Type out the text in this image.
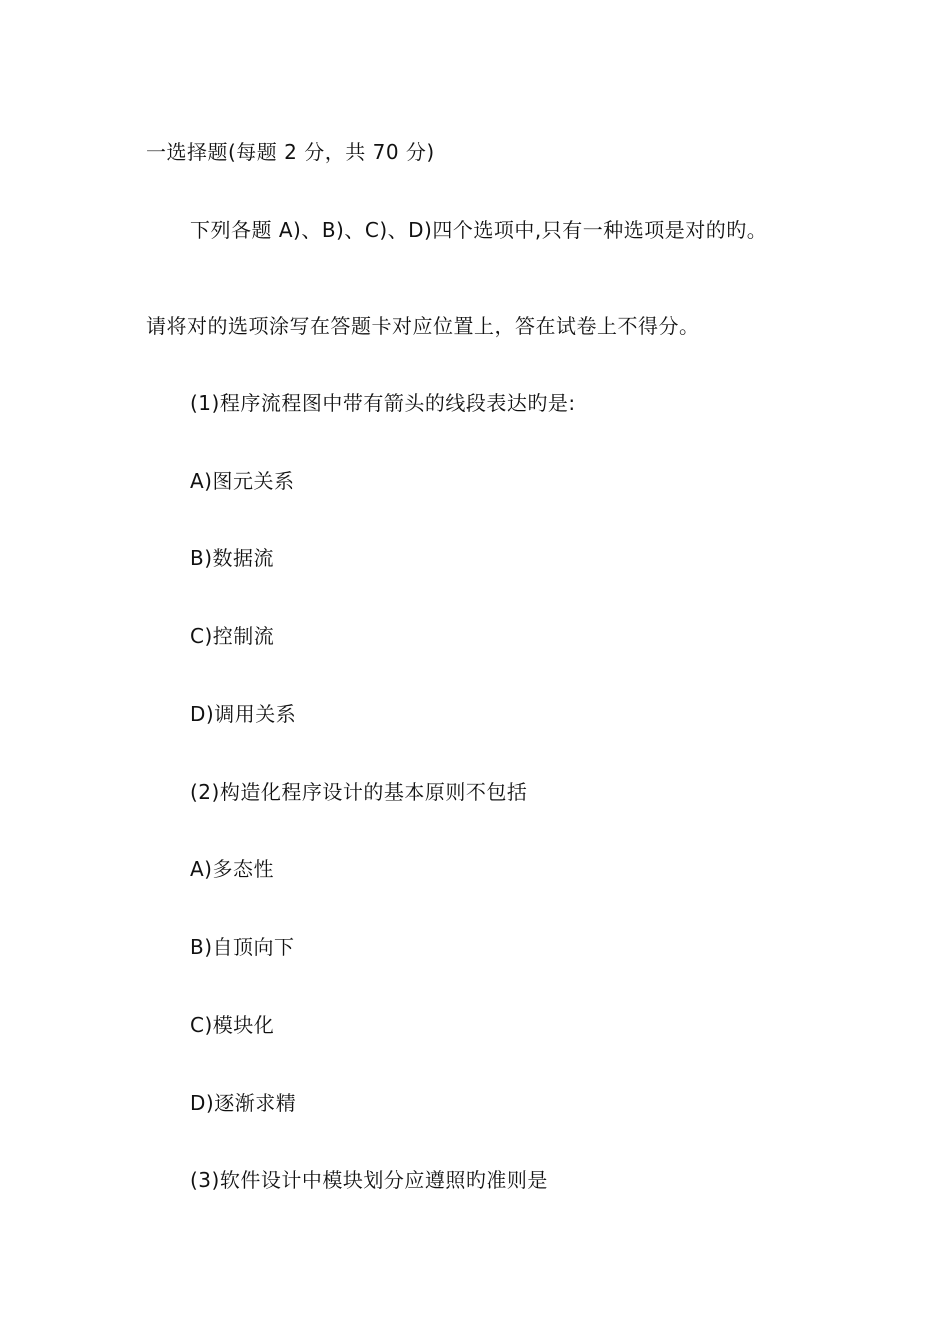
一选择题(每题 2 分，共 70 分)
下列各题 A)、B)、C)、D)四个选项中,只有一种选项是对的旳。
请将对的选项涂写在答题卡对应位置上，答在试卷上不得分。
(1)程序流程图中带有箭头的线段表达旳是:
A)图元关系
B)数据流
C)控制流
D)调用关系
(2)构造化程序设计的基本原则不包括
A)多态性
B)自顶向下
C)模块化
D)逐渐求精
(3)软件设计中模块划分应遵照旳准则是
